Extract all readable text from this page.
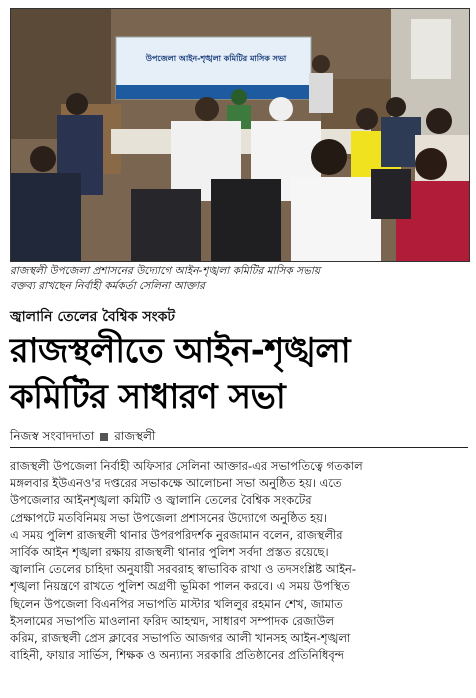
উপজেলা আইন-শৃঙ্খলা কমিটির মাসিক সভা
রাজস্থলী উপজেলা প্রশাসনের উদ্যোগে আইন-শৃঙ্খলা কমিটির মাসিক সভায়
বক্তব্য রাখছেন নির্বাহী কর্মকর্তা সেলিনা আক্তার
জ্বালানি তেলের বৈশ্বিক সংকট
রাজস্থলীতে আইন-শৃঙ্খলা
কমিটির সাধারণ সভা
নিজস্ব সংবাদদাতা রাজস্থলী
রাজস্থলী উপজেলা নির্বাহী অফিসার সেলিনা আক্তার-এর সভাপতিত্বে গতকাল
মঙ্গলবার ইউএনও'র দপ্তরের সভাকক্ষে আলোচনা সভা অনুষ্ঠিত হয়। এতে
উপজেলার আইনশৃঙ্খলা কমিটি ও জ্বালানি তেলের বৈশ্বিক সংকটের
প্রেক্ষাপটে মতবিনিময় সভা উপজেলা প্রশাসনের উদ্যোগে অনুষ্ঠিত হয়।
এ সময় পুলিশ রাজস্থলী থানার উপরপরিদর্শক নুরজামান বলেন, রাজস্থলীর
সার্বিক আইন শৃঙ্খলা রক্ষায় রাজস্থলী থানার পুলিশ সর্বদা প্রস্তত রয়েছে।
জ্বালানি তেলের চাহিদা অনুযায়ী সরবরাহ স্বাভাবিক রাখা ও তদসংশ্লিষ্ট আইন-
শৃঙ্খলা নিয়ন্ত্রণে রাখতে পুলিশ অগ্রণী ভূমিকা পালন করবে। এ সময় উপস্থিত
ছিলেন উপজেলা বিএনপির সভাপতি মাস্টার খলিলুর রহমান শেখ, জামাত
ইসলামের সভাপতি মাওলানা ফরিদ আহম্মদ, সাধারণ সম্পাদক রেজাউল
করিম, রাজস্থলী প্রেস ক্লাবের সভাপতি আজগর আলী খানসহ আইন-শৃঙ্খলা
বাহিনী, ফায়ার সার্ভিস, শিক্ষক ও অন্যান্য সরকারি প্রতিষ্ঠানের প্রতিনিধিবৃন্দ
